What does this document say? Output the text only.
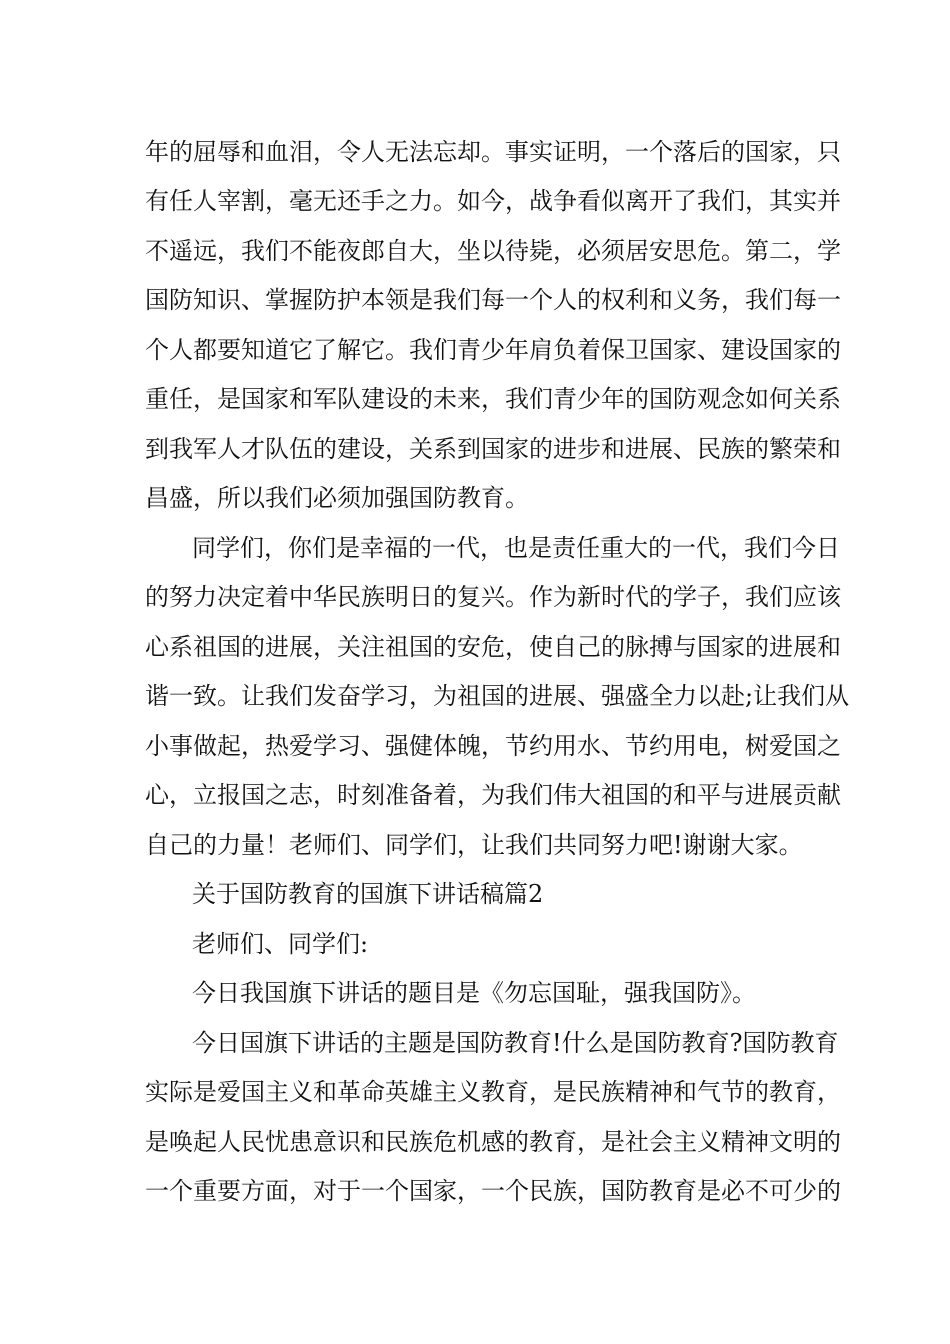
年的屈辱和血泪，令人无法忘却。事实证明，一个落后的国家，只
有任人宰割，毫无还手之力。如今，战争看似离开了我们，其实并
不遥远，我们不能夜郎自大，坐以待毙，必须居安思危。第二，学
国防知识、掌握防护本领是我们每一个人的权利和义务，我们每一
个人都要知道它了解它。我们青少年肩负着保卫国家、建设国家的
重任，是国家和军队建设的未来，我们青少年的国防观念如何关系
到我军人才队伍的建设，关系到国家的进步和进展、民族的繁荣和
昌盛，所以我们必须加强国防教育。
同学们，你们是幸福的一代，也是责任重大的一代，我们今日
的努力决定着中华民族明日的复兴。作为新时代的学子，我们应该
心系祖国的进展，关注祖国的安危，使自己的脉搏与国家的进展和
谐一致。让我们发奋学习，为祖国的进展、强盛全力以赴;让我们从
小事做起，热爱学习、强健体魄，节约用水、节约用电，树爱国之
心，立报国之志，时刻准备着，为我们伟大祖国的和平与进展贡献
自己的力量！老师们、同学们，让我们共同努力吧!谢谢大家。
关于国防教育的国旗下讲话稿篇2
老师们、同学们:
今日我国旗下讲话的题目是《勿忘国耻，强我国防》。
今日国旗下讲话的主题是国防教育!什么是国防教育?国防教育
实际是爱国主义和革命英雄主义教育，是民族精神和气节的教育，
是唤起人民忧患意识和民族危机感的教育，是社会主义精神文明的
一个重要方面，对于一个国家，一个民族，国防教育是必不可少的
